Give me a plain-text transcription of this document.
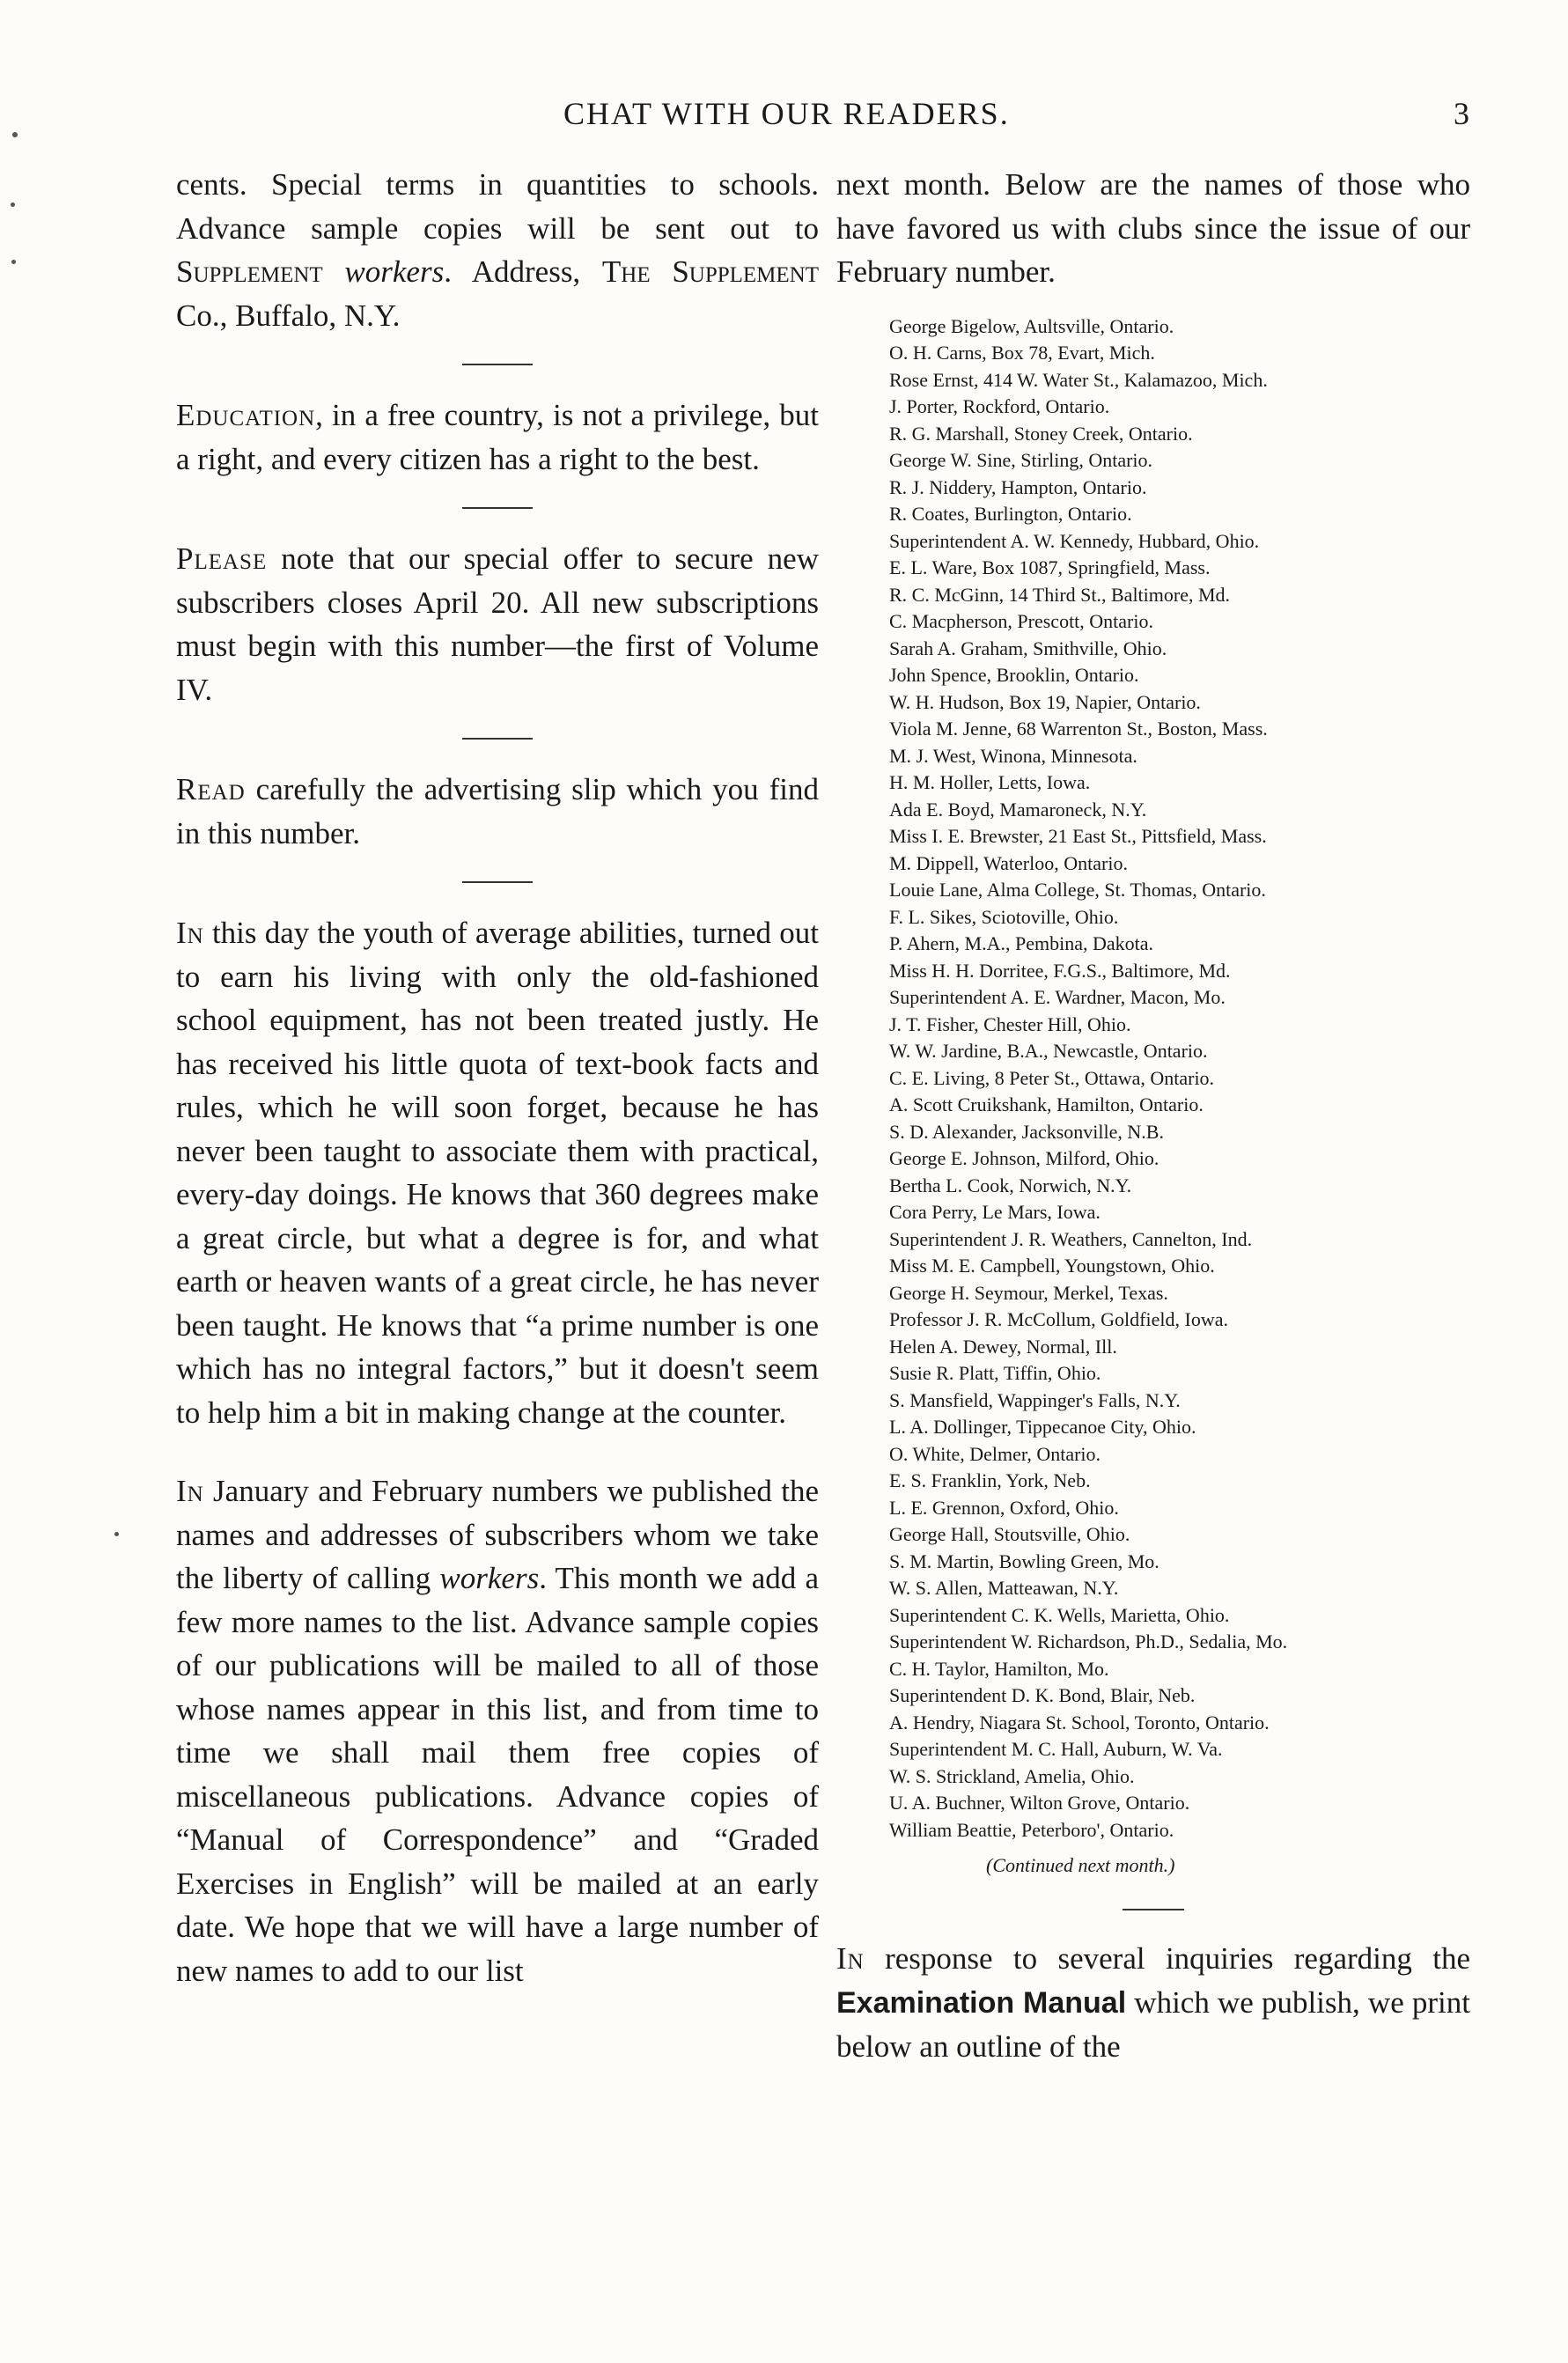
CHAT WITH OUR READERS.	3

cents. Special terms in quantities to schools. Advance sample copies will be sent out to Supplement workers. Address, The Supplement Co., Buffalo, N.Y.

Education, in a free country, is not a privilege, but a right, and every citizen has a right to the best.

Please note that our special offer to secure new subscribers closes April 20. All new subscriptions must begin with this number—the first of Volume IV.

Read carefully the advertising slip which you find in this number.

In this day the youth of average abilities, turned out to earn his living with only the old-fashioned school equipment, has not been treated justly. He has received his little quota of text-book facts and rules, which he will soon forget, because he has never been taught to associate them with practical, every-day doings. He knows that 360 degrees make a great circle, but what a degree is for, and what earth or heaven wants of a great circle, he has never been taught. He knows that “a prime number is one which has no integral factors,” but it doesn't seem to help him a bit in making change at the counter.

In January and February numbers we published the names and addresses of subscribers whom we take the liberty of calling workers. This month we add a few more names to the list. Advance sample copies of our publications will be mailed to all of those whose names appear in this list, and from time to time we shall mail them free copies of miscellaneous publications. Advance copies of “Manual of Correspondence” and “Graded Exercises in English” will be mailed at an early date. We hope that we will have a large number of new names to add to our list

next month. Below are the names of those who have favored us with clubs since the issue of our February number.

George Bigelow, Aultsville, Ontario.
O. H. Carns, Box 78, Evart, Mich.
Rose Ernst, 414 W. Water St., Kalamazoo, Mich.
J. Porter, Rockford, Ontario.
R. G. Marshall, Stoney Creek, Ontario.
George W. Sine, Stirling, Ontario.
R. J. Niddery, Hampton, Ontario.
R. Coates, Burlington, Ontario.
Superintendent A. W. Kennedy, Hubbard, Ohio.
E. L. Ware, Box 1087, Springfield, Mass.
R. C. McGinn, 14 Third St., Baltimore, Md.
C. Macpherson, Prescott, Ontario.
Sarah A. Graham, Smithville, Ohio.
John Spence, Brooklin, Ontario.
W. H. Hudson, Box 19, Napier, Ontario.
Viola M. Jenne, 68 Warrenton St., Boston, Mass.
M. J. West, Winona, Minnesota.
H. M. Holler, Letts, Iowa.
Ada E. Boyd, Mamaroneck, N.Y.
Miss I. E. Brewster, 21 East St., Pittsfield, Mass.
M. Dippell, Waterloo, Ontario.
Louie Lane, Alma College, St. Thomas, Ontario.
F. L. Sikes, Sciotoville, Ohio.
P. Ahern, M.A., Pembina, Dakota.
Miss H. H. Dorritee, F.G.S., Baltimore, Md.
Superintendent A. E. Wardner, Macon, Mo.
J. T. Fisher, Chester Hill, Ohio.
W. W. Jardine, B.A., Newcastle, Ontario.
C. E. Living, 8 Peter St., Ottawa, Ontario.
A. Scott Cruikshank, Hamilton, Ontario.
S. D. Alexander, Jacksonville, N.B.
George E. Johnson, Milford, Ohio.
Bertha L. Cook, Norwich, N.Y.
Cora Perry, Le Mars, Iowa.
Superintendent J. R. Weathers, Cannelton, Ind.
Miss M. E. Campbell, Youngstown, Ohio.
George H. Seymour, Merkel, Texas.
Professor J. R. McCollum, Goldfield, Iowa.
Helen A. Dewey, Normal, Ill.
Susie R. Platt, Tiffin, Ohio.
S. Mansfield, Wappinger's Falls, N.Y.
L. A. Dollinger, Tippecanoe City, Ohio.
O. White, Delmer, Ontario.
E. S. Franklin, York, Neb.
L. E. Grennon, Oxford, Ohio.
George Hall, Stoutsville, Ohio.
S. M. Martin, Bowling Green, Mo.
W. S. Allen, Matteawan, N.Y.
Superintendent C. K. Wells, Marietta, Ohio.
Superintendent W. Richardson, Ph.D., Sedalia, Mo.
C. H. Taylor, Hamilton, Mo.
Superintendent D. K. Bond, Blair, Neb.
A. Hendry, Niagara St. School, Toronto, Ontario.
Superintendent M. C. Hall, Auburn, W. Va.
W. S. Strickland, Amelia, Ohio.
U. A. Buchner, Wilton Grove, Ontario.
William Beattie, Peterboro', Ontario.
(Continued next month.)

In response to several inquiries regarding the Examination Manual which we publish, we print below an outline of the
